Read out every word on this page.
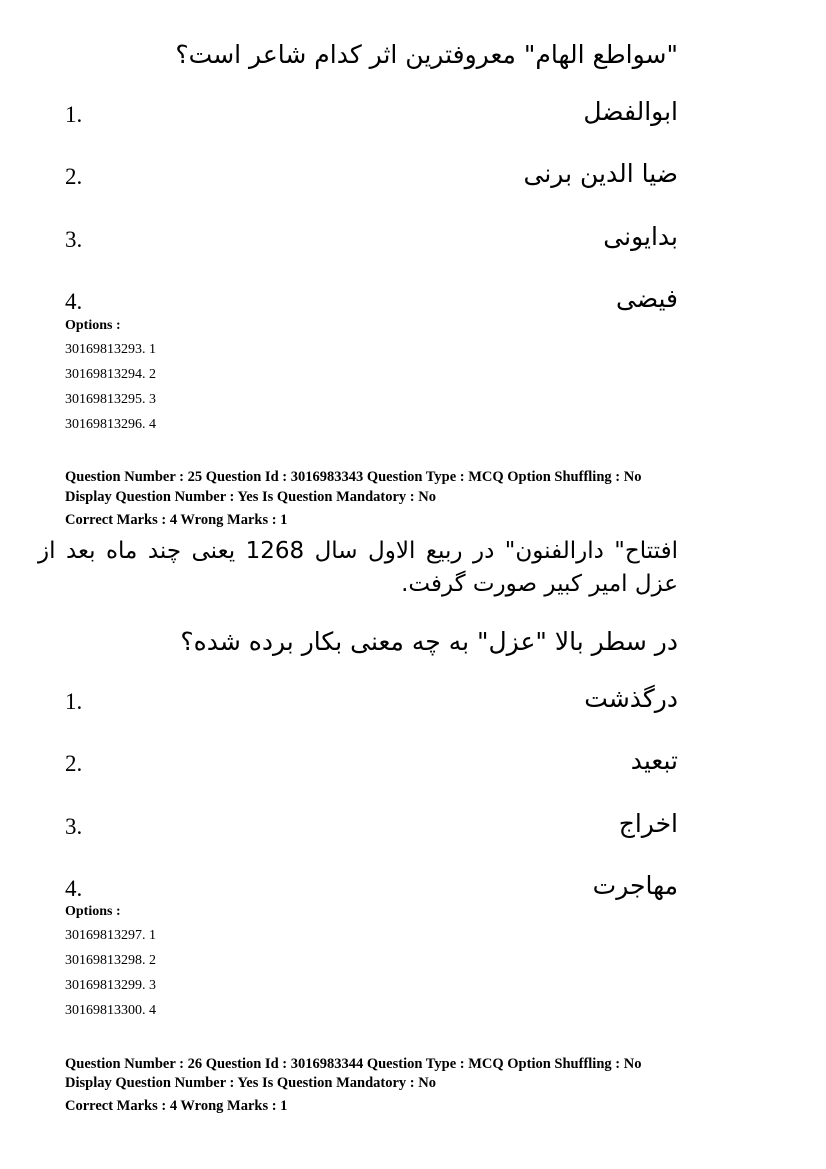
"سواطع الهام" معروفترین اثر کدام شاعر است؟
1.	ابوالفضل
2.	ضیا الدین برنی
3.	بدایونی
4.	فیضی
Options :
30169813293. 1
30169813294. 2
30169813295. 3
30169813296. 4
Question Number : 25 Question Id : 3016983343 Question Type : MCQ Option Shuffling : No
Display Question Number : Yes Is Question Mandatory : No
Correct Marks : 4 Wrong Marks : 1
افتتاح" دارالفنون" در ربیع الاول سال 1268 یعنی چند ماه بعد از عزل امیر کبیر صورت گرفت.
در سطر بالا "عزل" به چه معنی بکار برده شده؟
1.	درگذشت
2.	تبعید
3.	اخراج
4.	مهاجرت
Options :
30169813297. 1
30169813298. 2
30169813299. 3
30169813300. 4
Question Number : 26 Question Id : 3016983344 Question Type : MCQ Option Shuffling : No
Display Question Number : Yes Is Question Mandatory : No
Correct Marks : 4 Wrong Marks : 1
